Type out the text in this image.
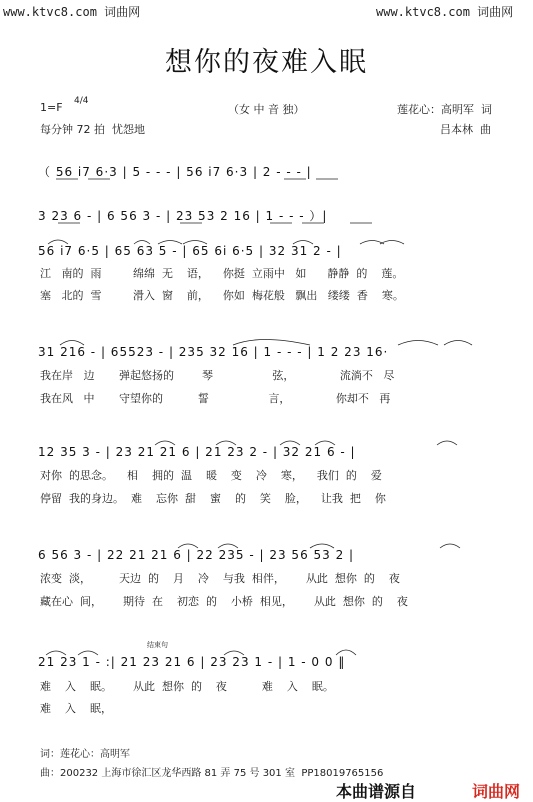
www.ktvc8.com 词曲网	www.ktvc8.com 词曲网
想你的夜难入眠
1=F 4/4
每分钟 72 拍  忧怨地
（女 中 音 独）	莲花心：高明军  词
吕本林  曲
（ 56 i7 6·3 | 5 - - - | 56 i7 6·3 | 2 - - - |
3 23 6 - | 6 56 3 - | 23 53 2 16 | 1 - - - ）|
56 i7 6·5 | 65 63 5 - | 65 6i 6·5 | 32 31 2 - |
江   南的  雨         绵绵  无    语，    你挺  立雨中   如      静静  的    莲。
塞   北的  雪         滑入  窗    前，    你如  梅花般   飘出   缕缕  香    寒。
31 216 - | 65523 - | 235 32 16 | 1 - - - | 1 2 23 16·
我在岸   边       弹起悠扬的        琴                 弦，             流淌不   尽
我在风   中       守望你的          誓                 言，             你却不   再
12 35 3 - | 23 21 21 6 | 21 23 2 - | 32 21 6 - |
对你  的思念。    相    拥的  温    暖    变    冷    寒，    我们  的    爱
停留  我的身边。  难    忘你  甜    蜜    的    笑    脸，    让我  把    你
6 56 3 - | 22 21 21 6 | 22 235 - | 23 56 53 2 |
浓变  淡，        天边  的    月    冷    与我  相伴，      从此  想你  的    夜
藏在心  间，      期待  在    初恋  的    小桥  相见，      从此  想你  的    夜
结束句
21 23 1 - :| 21 23 21 6 | 23 23 1 - | 1 - 0 0 ‖
难    入    眠。      从此  想你  的    夜          难    入    眠。
难    入    眠，
词：莲花心：高明军
曲：200232 上海市徐汇区龙华西路 81 弄 75 号 301 室  PP18019765156
本曲谱源自	词曲网
